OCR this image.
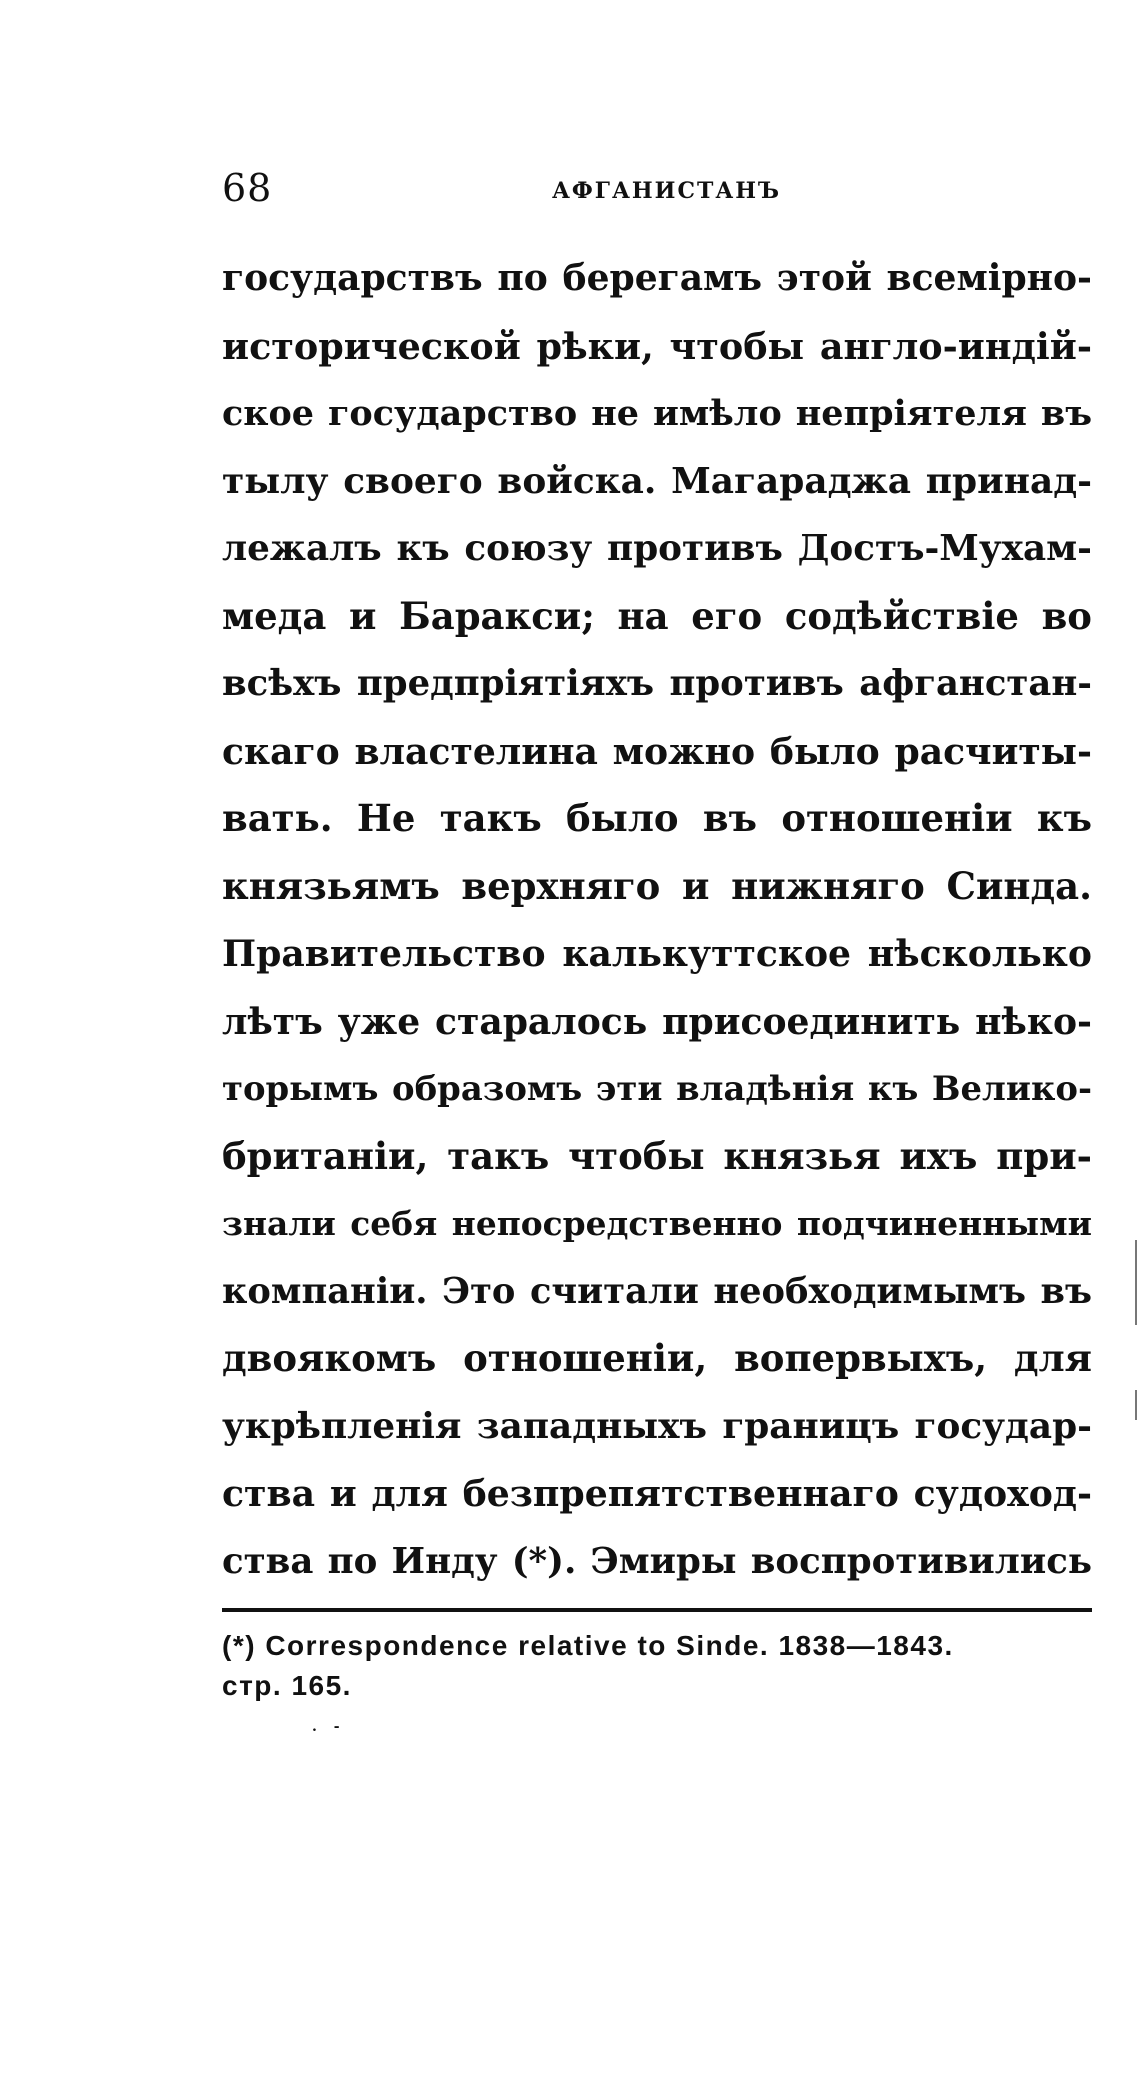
68	АФГАНИСТАНЪ
государствъ по берегамъ этой всемірно-
исторической рѣки, чтобы англо-индій-
ское государство не имѣло непріятеля въ
тылу своего войска. Магараджа принад-
лежалъ къ союзу противъ Достъ-Мухам-
меда и Баракси; на его содѣйствіе во
всѣхъ предпріятіяхъ противъ афганстан-
скаго властелина можно было расчиты-
вать. Не такъ было въ отношеніи къ
князьямъ верхняго и нижняго Синда.
Правительство калькуттское нѣсколько
лѣтъ уже старалось присоединить нѣко-
торымъ образомъ эти владѣнія къ Велико-
британіи, такъ чтобы князья ихъ при-
знали себя непосредственно подчиненными
компаніи. Это считали необходимымъ въ
двоякомъ отношеніи, вопервыхъ, для
укрѣпленія западныхъ границъ государ-
ства и для безпрепятственнаго судоход-
ства по Инду (*). Эмиры воспротивились
(*) Correspondence relative to Sinde. 1838—1843.
стр. 165.
. -
